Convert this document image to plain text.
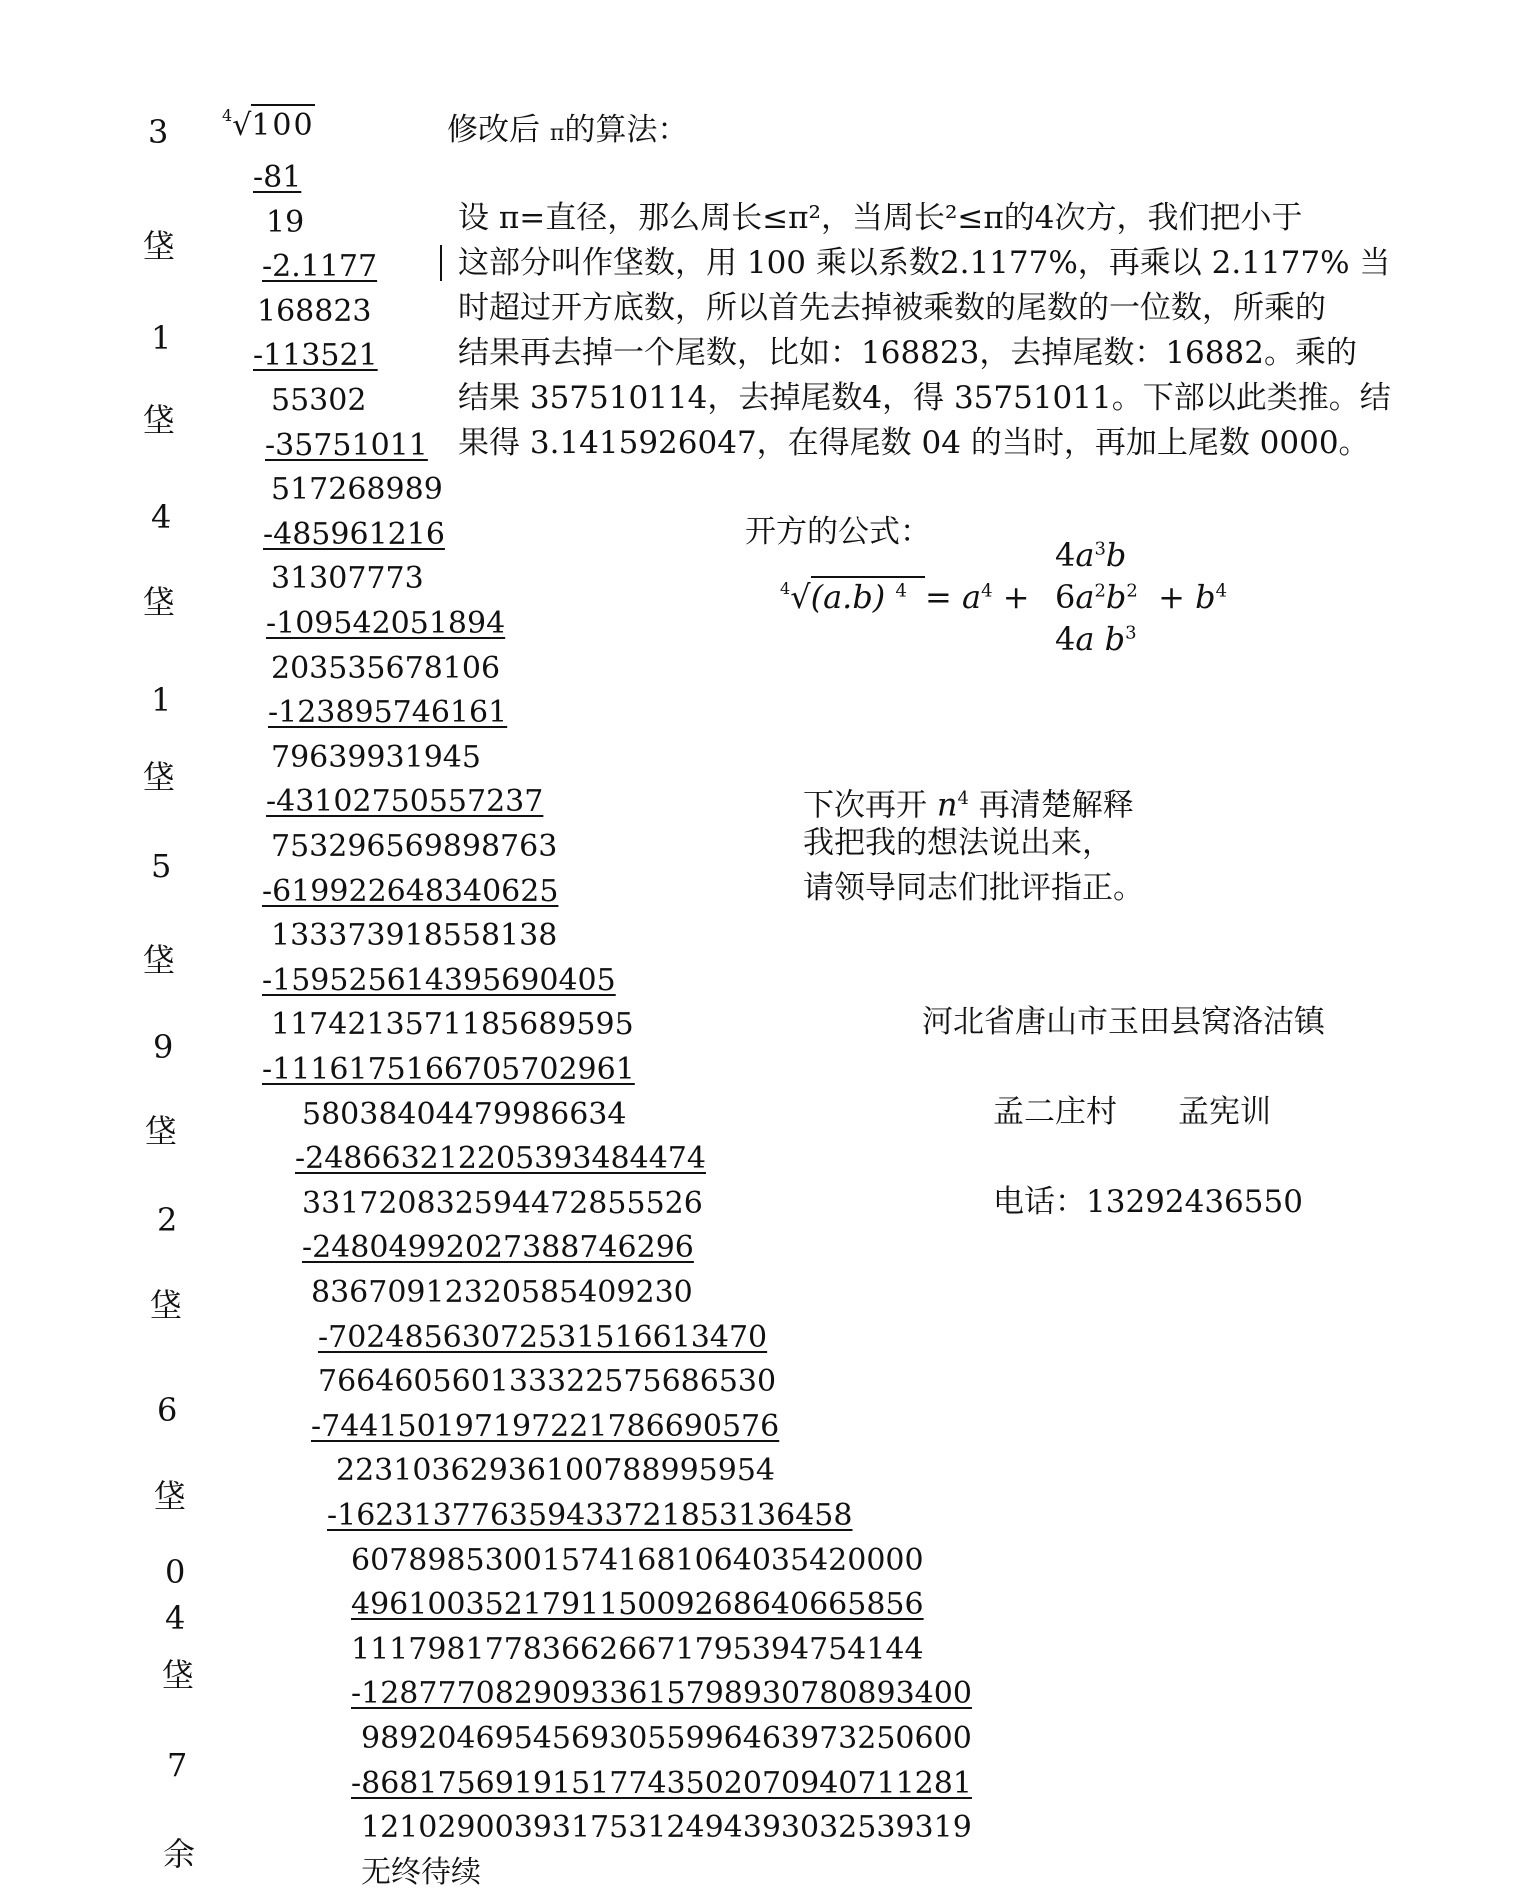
3
垡
1
垡
4
垡
1
垡
5
垡
9
垡
2
垡
6
垡
0
4
垡
7
余
$^4$√100
-81
19
-2.1177
168823
-113521
55302
-35751011
517268989
-485961216
31307773
-109542051894
203535678106
-123895746161
79639931945
-43102750557237
753296569898763
-619922648340625
133373918558138
-159525614395690405
1174213571185689595
-1116175166705702961
58038404479986634
-248663212205393484474
331720832594472855526
-24804992027388746296
83670912320585409230
-70248563072531516613470
766460560133322575686530
-744150197197221786690576
22310362936100788995954
-162313776359433721853136458
607898530015741681064035420000
496100352179115009268640665856
111798177836626671795394754144
-12877708290933615798930780893400
98920469545693055996463973250600
-86817569191517743502070940711281
12102900393175312494393032539319
无终待续
修改后 π的算法：
设 π=直径，那么周长≤π²，当周长²≤π的4次方，我们把小于
这部分叫作垡数，用 100 乘以系数2.1177%，再乘以 2.1177% 当
时超过开方底数，所以首先去掉被乘数的尾数的一位数，所乘的
结果再去掉一个尾数，比如：168823，去掉尾数：16882。乘的
结果 357510114，去掉尾数4，得 35751011。下部以此类推。结
果得 3.1415926047，在得尾数 04 的当时，再加上尾数 0000。
开方的公式：
$^4$√(a.b) $^4 = a^4$ +
$4a^3b$
$6a^2b^2 + b^4$
4a $b^3$
下次再开 $n^4$ 再清楚解释
我把我的想法说出来，
请领导同志们批评指正。
河北省唐山市玉田县窝洛沽镇
孟二庄村 孟宪训
电话：13292436550
